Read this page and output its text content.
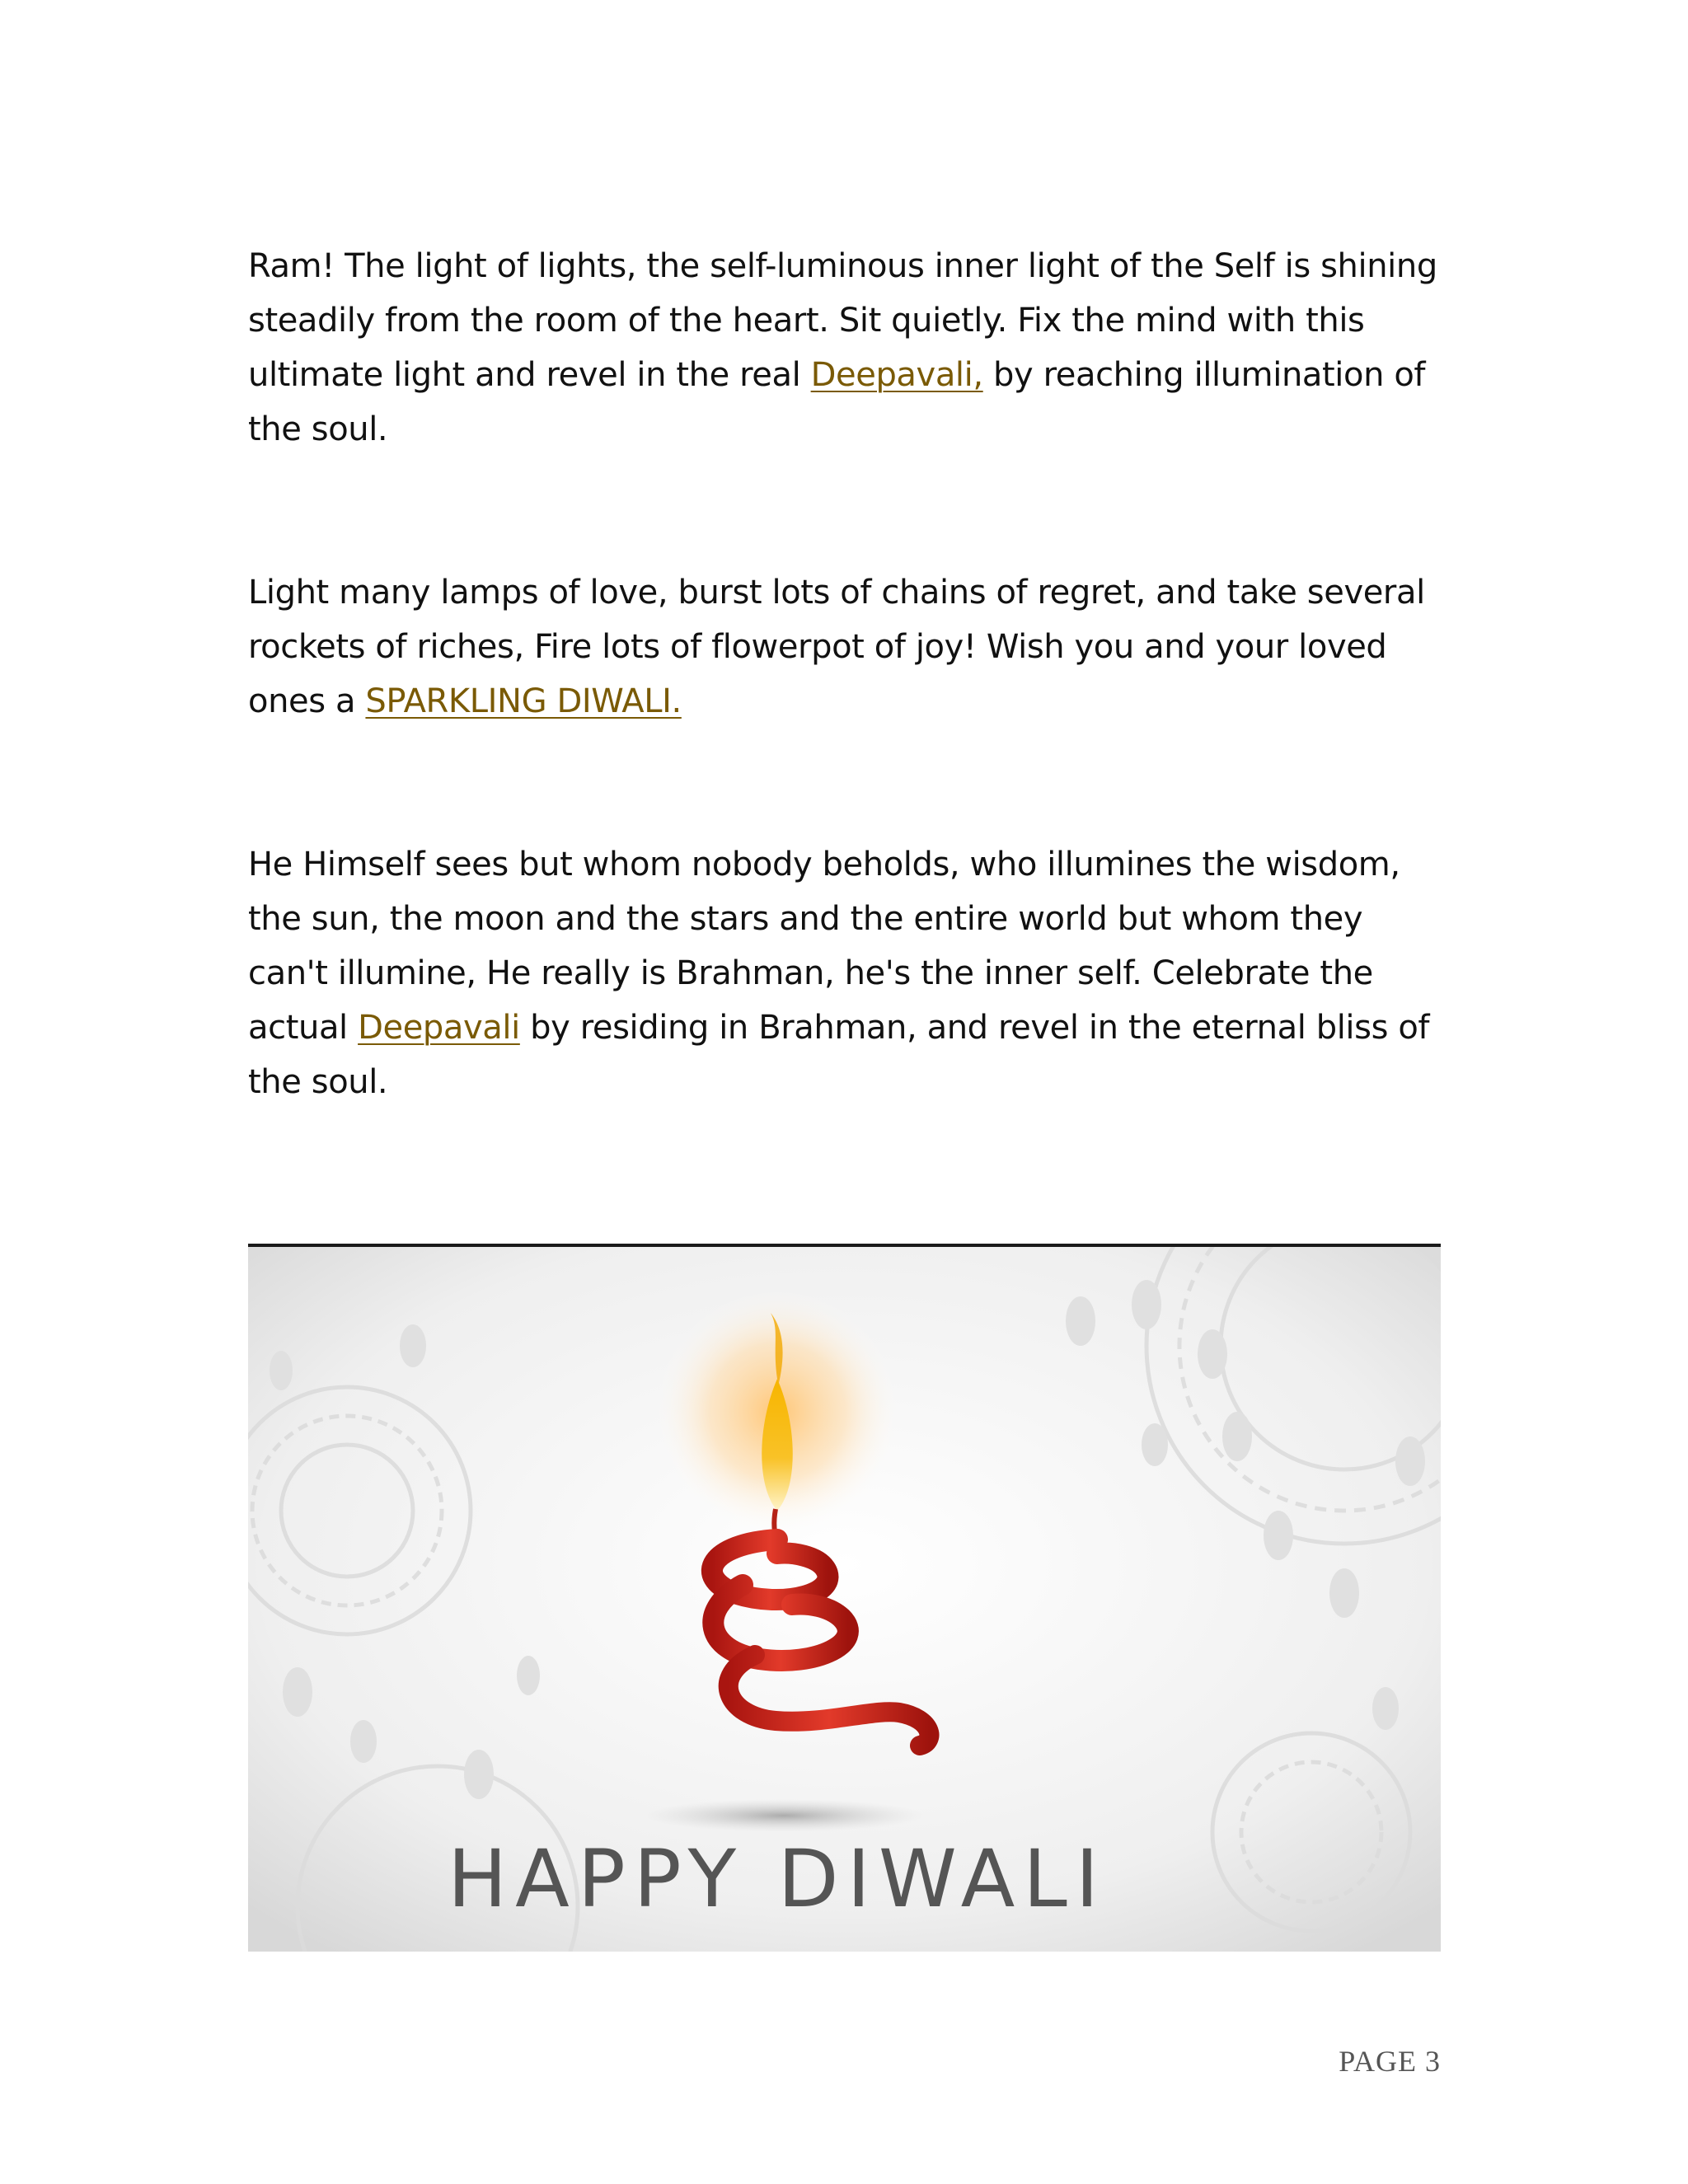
Ram! The light of lights, the self-luminous inner light of the Self is shining steadily from the room of the heart. Sit quietly. Fix the mind with this ultimate light and revel in the real Deepavali, by reaching illumination of the soul.

Light many lamps of love, burst lots of chains of regret, and take several rockets of riches, Fire lots of flowerpot of joy! Wish you and your loved ones a SPARKLING DIWALI.

He Himself sees but whom nobody beholds, who illumines the wisdom, the sun, the moon and the stars and the entire world but whom they can't illumine, He really is Brahman, he's the inner self. Celebrate the actual Deepavali by residing in Brahman, and revel in the eternal bliss of the soul.

HAPPY DIWALI
PAGE 3
